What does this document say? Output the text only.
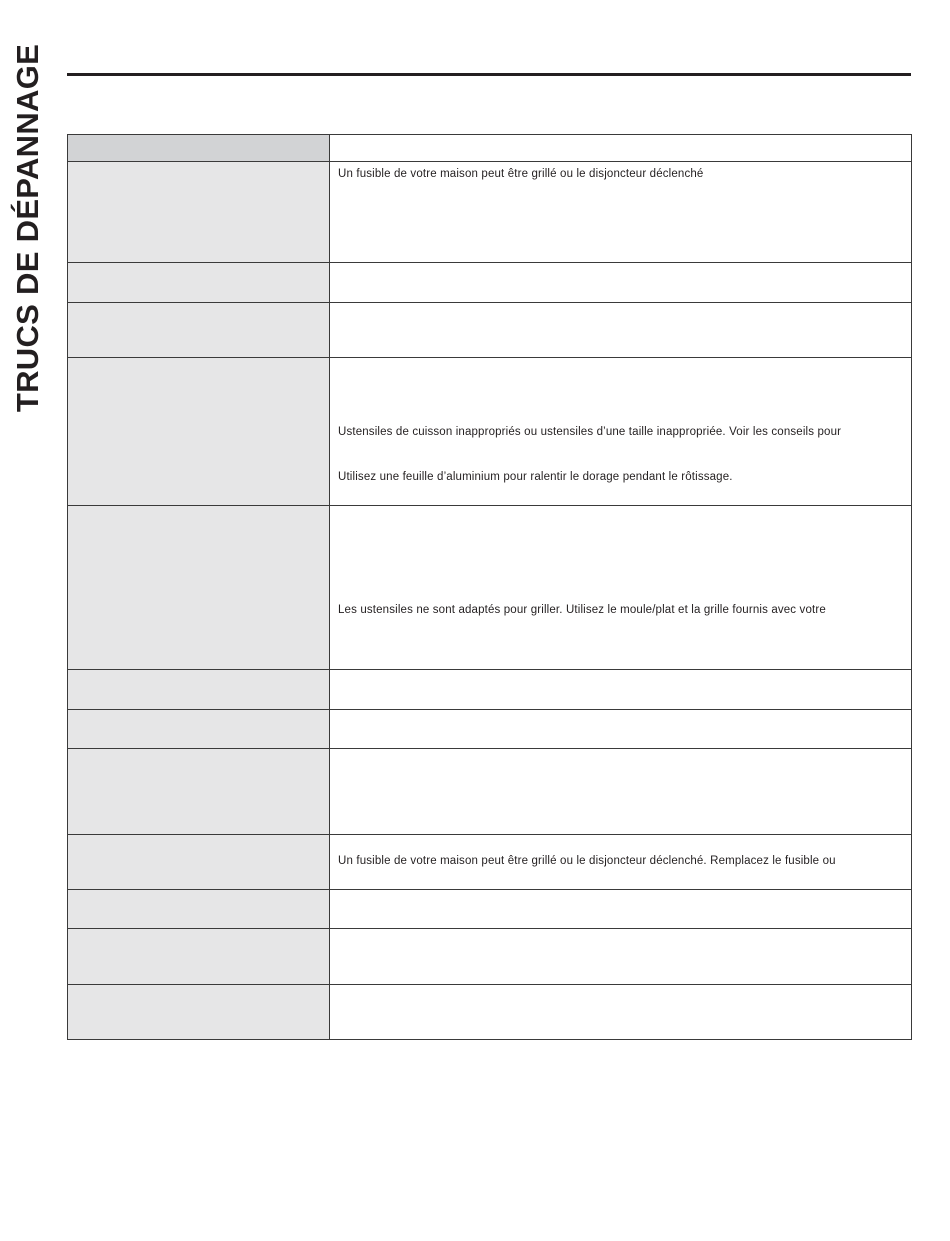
TRUCS DE DÉPANNAGE

	Un fusible de votre maison peut être grillé ou le disjoncteur déclenché

	Ustensiles de cuisson inappropriés ou ustensiles d’une taille inappropriée. Voir les conseils pour
Utilisez une feuille d’aluminium pour ralentir le dorage pendant le rôtissage.

	Les ustensiles ne sont adaptés pour griller. Utilisez le moule/plat et la grille fournis avec votre

	Un fusible de votre maison peut être grillé ou le disjoncteur déclenché. Remplacez le fusible ou
